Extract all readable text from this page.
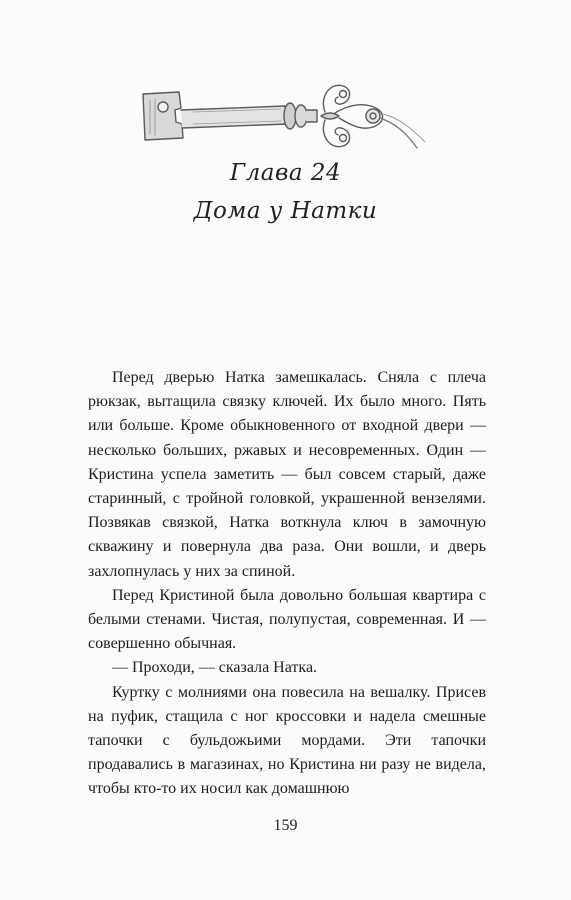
Глава 24
Дома у Натки

Перед дверью Натка замешкалась. Сняла с плеча рюкзак, вытащила связку ключей. Их было много. Пять или больше. Кроме обыкновенного от входной двери — несколько больших, ржавых и несовременных. Один — Кристина успела заметить — был совсем старый, даже старинный, с тройной головкой, украшенной вензелями. Позвякав связкой, Натка воткнула ключ в замочную скважину и повернула два раза. Они вошли, и дверь захлопнулась у них за спиной.

Перед Кристиной была довольно большая квартира с белыми стенами. Чистая, полупустая, современная. И — совершенно обычная.

— Проходи, — сказала Натка.

Куртку с молниями она повесила на вешалку. Присев на пуфик, стащила с ног кроссовки и надела смешные тапочки с бульдожьими мордами. Эти тапочки продавались в магазинах, но Кристина ни разу не видела, чтобы кто-то их носил как домашнюю

159
